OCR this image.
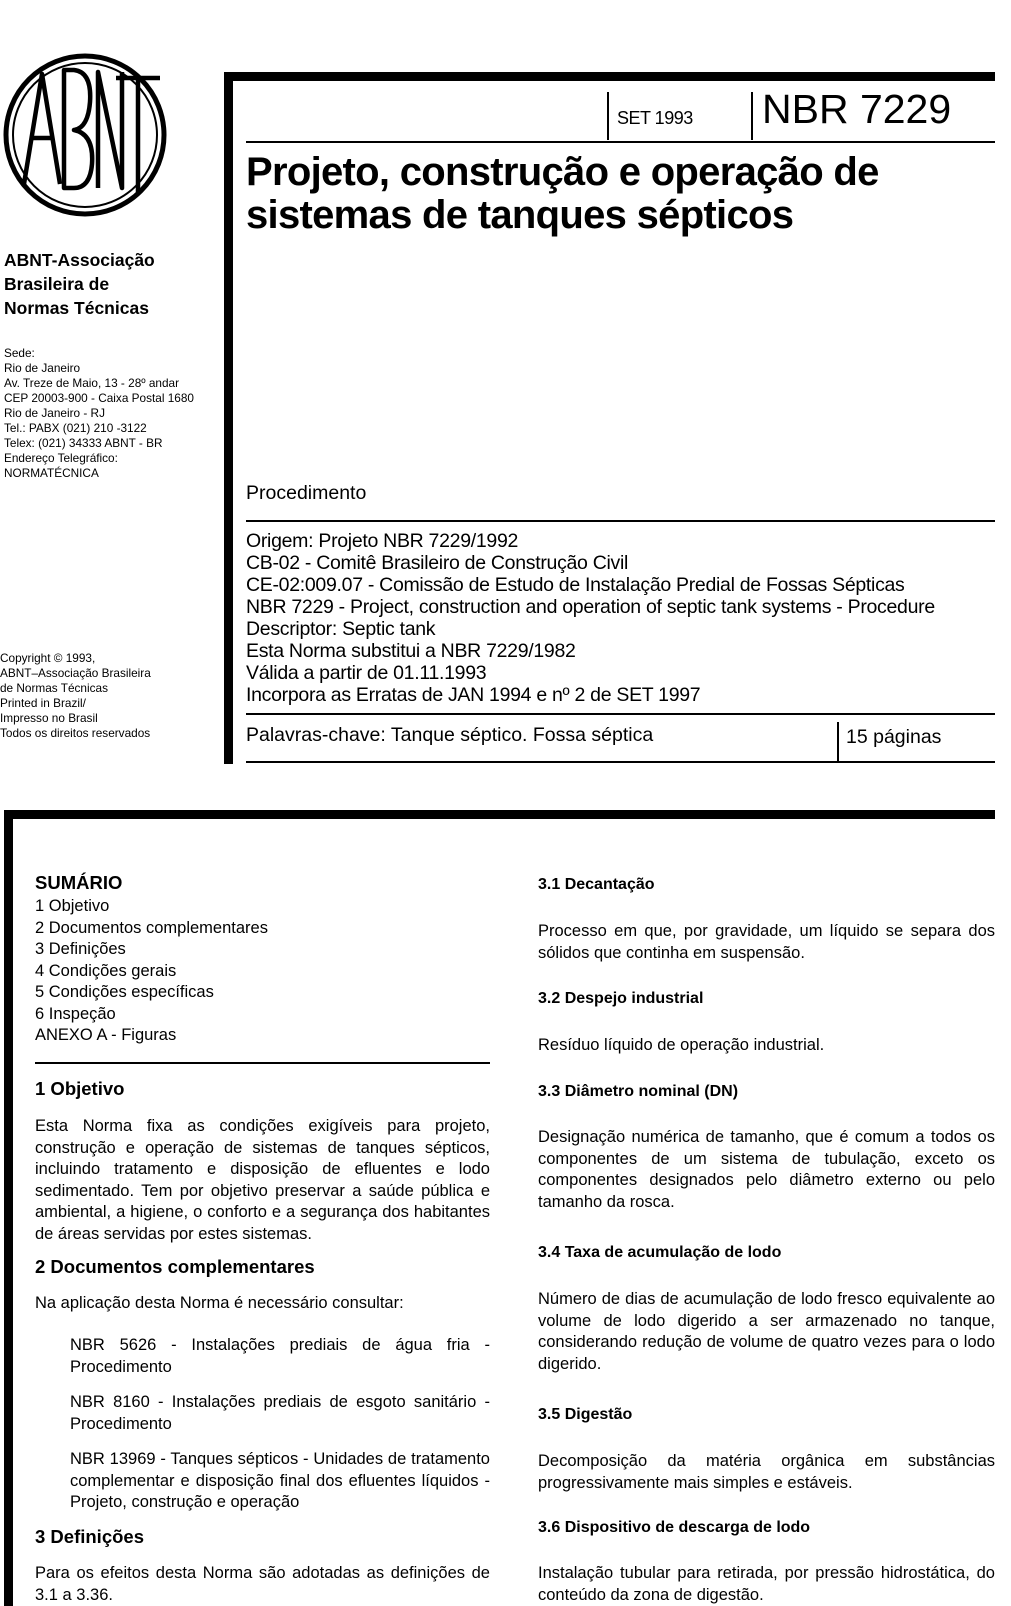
ABNT-Associação
Brasileira de
Normas Técnicas
Sede:
Rio de Janeiro
Av. Treze de Maio, 13 - 28º andar
CEP 20003-900 - Caixa Postal 1680
Rio de Janeiro - RJ
Tel.: PABX (021) 210 -3122
Telex: (021) 34333 ABNT - BR
Endereço Telegráfico:
NORMATÉCNICA
Copyright © 1993,
ABNT–Associação Brasileira
de Normas Técnicas
Printed in Brazil/
Impresso no Brasil
Todos os direitos reservados
SET 1993 NBR 7229
Projeto, construção e operação de
sistemas de tanques sépticos
Procedimento
Origem: Projeto NBR 7229/1992
CB-02 - Comitê Brasileiro de Construção Civil
CE-02:009.07 - Comissão de Estudo de Instalação Predial de Fossas Sépticas
NBR 7229 - Project, construction and operation of septic tank systems - Procedure
Descriptor: Septic tank
Esta Norma substitui a NBR 7229/1982
Válida a partir de 01.11.1993
Incorpora as Erratas de JAN 1994 e nº 2 de SET 1997
Palavras-chave: Tanque séptico. Fossa séptica	15 páginas
SUMÁRIO
1 Objetivo
2 Documentos complementares
3 Definições
4 Condições gerais
5 Condições específicas
6 Inspeção
ANEXO A - Figuras
1 Objetivo
Esta Norma fixa as condições exigíveis para projeto, construção e operação de sistemas de tanques sépticos, incluindo tratamento e disposição de efluentes e lodo sedimentado. Tem por objetivo preservar a saúde pública e ambiental, a higiene, o conforto e a segurança dos habitantes de áreas servidas por estes sistemas.
2 Documentos complementares
Na aplicação desta Norma é necessário consultar:
NBR 5626 - Instalações prediais de água fria - Procedimento
NBR 8160 - Instalações prediais de esgoto sanitário - Procedimento
NBR 13969 - Tanques sépticos - Unidades de tratamento complementar e disposição final dos efluentes líquidos - Projeto, construção e operação
3 Definições
Para os efeitos desta Norma são adotadas as definições de 3.1 a 3.36.
3.1 Decantação
Processo em que, por gravidade, um líquido se separa dos sólidos que continha em suspensão.
3.2 Despejo industrial
Resíduo líquido de operação industrial.
3.3 Diâmetro nominal (DN)
Designação numérica de tamanho, que é comum a todos os componentes de um sistema de tubulação, exceto os componentes designados pelo diâmetro externo ou pelo tamanho da rosca.
3.4 Taxa de acumulação de lodo
Número de dias de acumulação de lodo fresco equivalente ao volume de lodo digerido a ser armazenado no tanque, considerando redução de volume de quatro vezes para o lodo digerido.
3.5 Digestão
Decomposição da matéria orgânica em substâncias progressivamente mais simples e estáveis.
3.6 Dispositivo de descarga de lodo
Instalação tubular para retirada, por pressão hidrostática, do conteúdo da zona de digestão.
